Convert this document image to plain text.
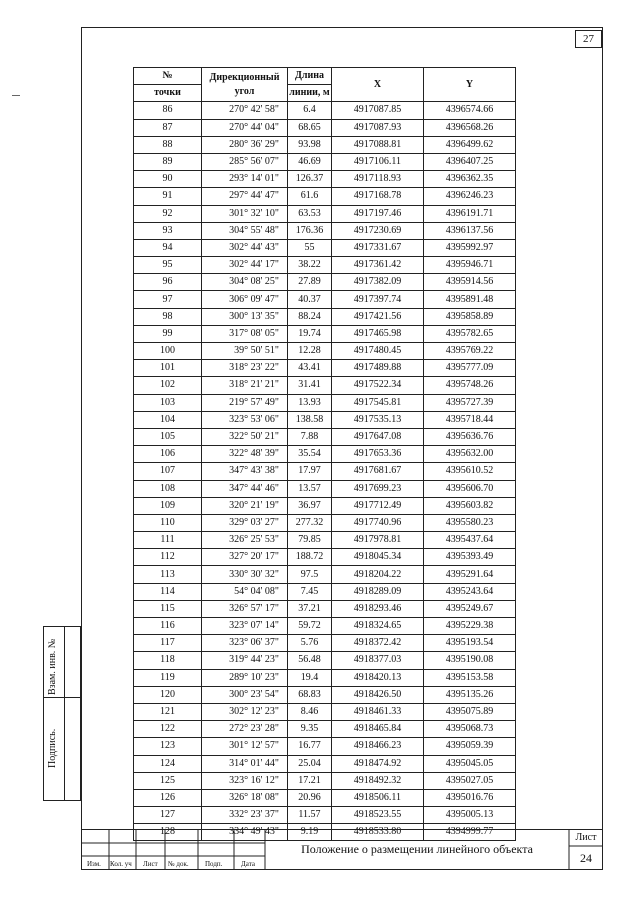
27
Взам. инв. №
Подпись.
№	Дирекционный угол	Длина	X	Y
точки		линии, м		
86	270° 42' 58"	6.4	4917087.85	4396574.66
87	270° 44' 04"	68.65	4917087.93	4396568.26
88	280° 36' 29"	93.98	4917088.81	4396499.62
89	285° 56' 07"	46.69	4917106.11	4396407.25
90	293° 14' 01"	126.37	4917118.93	4396362.35
91	297° 44' 47"	61.6	4917168.78	4396246.23
92	301° 32' 10"	63.53	4917197.46	4396191.71
93	304° 55' 48"	176.36	4917230.69	4396137.56
94	302° 44' 43"	55	4917331.67	4395992.97
95	302° 44' 17"	38.22	4917361.42	4395946.71
96	304° 08' 25"	27.89	4917382.09	4395914.56
97	306° 09' 47"	40.37	4917397.74	4395891.48
98	300° 13' 35"	88.24	4917421.56	4395858.89
99	317° 08' 05"	19.74	4917465.98	4395782.65
100	39° 50' 51"	12.28	4917480.45	4395769.22
101	318° 23' 22"	43.41	4917489.88	4395777.09
102	318° 21' 21"	31.41	4917522.34	4395748.26
103	219° 57' 49"	13.93	4917545.81	4395727.39
104	323° 53' 06"	138.58	4917535.13	4395718.44
105	322° 50' 21"	7.88	4917647.08	4395636.76
106	322° 48' 39"	35.54	4917653.36	4395632.00
107	347° 43' 38"	17.97	4917681.67	4395610.52
108	347° 44' 46"	13.57	4917699.23	4395606.70
109	320° 21' 19"	36.97	4917712.49	4395603.82
110	329° 03' 27"	277.32	4917740.96	4395580.23
111	326° 25' 53"	79.85	4917978.81	4395437.64
112	327° 20' 17"	188.72	4918045.34	4395393.49
113	330° 30' 32"	97.5	4918204.22	4395291.64
114	54° 04' 08"	7.45	4918289.09	4395243.64
115	326° 57' 17"	37.21	4918293.46	4395249.67
116	323° 07' 14"	59.72	4918324.65	4395229.38
117	323° 06' 37"	5.76	4918372.42	4395193.54
118	319° 44' 23"	56.48	4918377.03	4395190.08
119	289° 10' 23"	19.4	4918420.13	4395153.58
120	300° 23' 54"	68.83	4918426.50	4395135.26
121	302° 12' 23"	8.46	4918461.33	4395075.89
122	272° 23' 28"	9.35	4918465.84	4395068.73
123	301° 12' 57"	16.77	4918466.23	4395059.39
124	314° 01' 44"	25.04	4918474.92	4395045.05
125	323° 16' 12"	17.21	4918492.32	4395027.05
126	326° 18' 08"	20.96	4918506.11	4395016.76
127	332° 23' 37"	11.57	4918523.55	4395005.13
128	334° 49' 43"	9.19	4918533.80	4394999.77
Изм. Кол. уч Лист № док. Подп.	Дата
Положение о размещении линейного объекта
Лист
24
